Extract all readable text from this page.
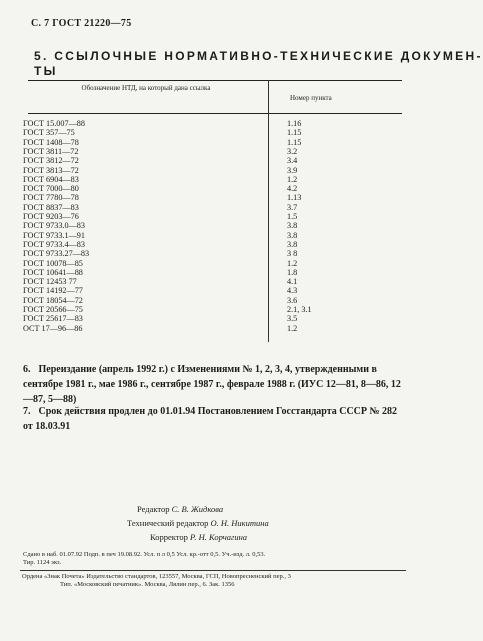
С. 7 ГОСТ 21220—75
5. ССЫЛОЧНЫЕ НОРМАТИВНО-ТЕХНИЧЕСКИЕ ДОКУМЕН-
ТЫ
Обозначение НТД, на который дана ссылка
Номер пункта
ГОСТ 15.007—88	1.16
ГОСТ 357—75	1.15
ГОСТ 1408—78	1.15
ГОСТ 3811—72	3.2
ГОСТ 3812—72	3.4
ГОСТ 3813—72	3.9
ГОСТ 6904—83	1.2
ГОСТ 7000—80	4.2
ГОСТ 7780—78	1.13
ГОСТ 8837—83	3.7
ГОСТ 9203—76	1.5
ГОСТ 9733.0—83	3.8
ГОСТ 9733.1—91	3.8
ГОСТ 9733.4—83	3.8
ГОСТ 9733.27—83	3 8
ГОСТ 10078—85	1.2
ГОСТ 10641—88	1.8
ГОСТ 12453 77	4.1
ГОСТ 14192—77	4.3
ГОСТ 18054—72	3.6
ГОСТ 20566—75	2.1, 3.1
ГОСТ 25617—83	3.5
ОСТ 17—96—86	1.2
6. Переиздание (апрель 1992 г.) с Изменениями № 1, 2, 3, 4, утвержденными в сентябре 1981 г., мае 1986 г., сентябре 1987 г., феврале 1988 г. (ИУС 12—81, 8—86, 12—87, 5—88)
7. Срок действия продлен до 01.01.94 Постановлением Госстандарта СССР № 282 от 18.03.91
Редактор С. В. Жидкова
Технический редактор О. Н. Никитина
Корректор Р. Н. Корчагина
Сдано в наб. 01.07.92 Подп. в печ 19.08.92. Усл. п л 0,5 Усл. кр.-отт 0,5. Уч.-изд. л. 0,53.
Тир. 1124 экз.
Ордена «Знак Почета» Издательство стандартов, 123557, Москва, ГСП, Новопресненский пер., 3
Тип. «Московский печатник». Москва, Лялин пер., 6. Зак. 1356
